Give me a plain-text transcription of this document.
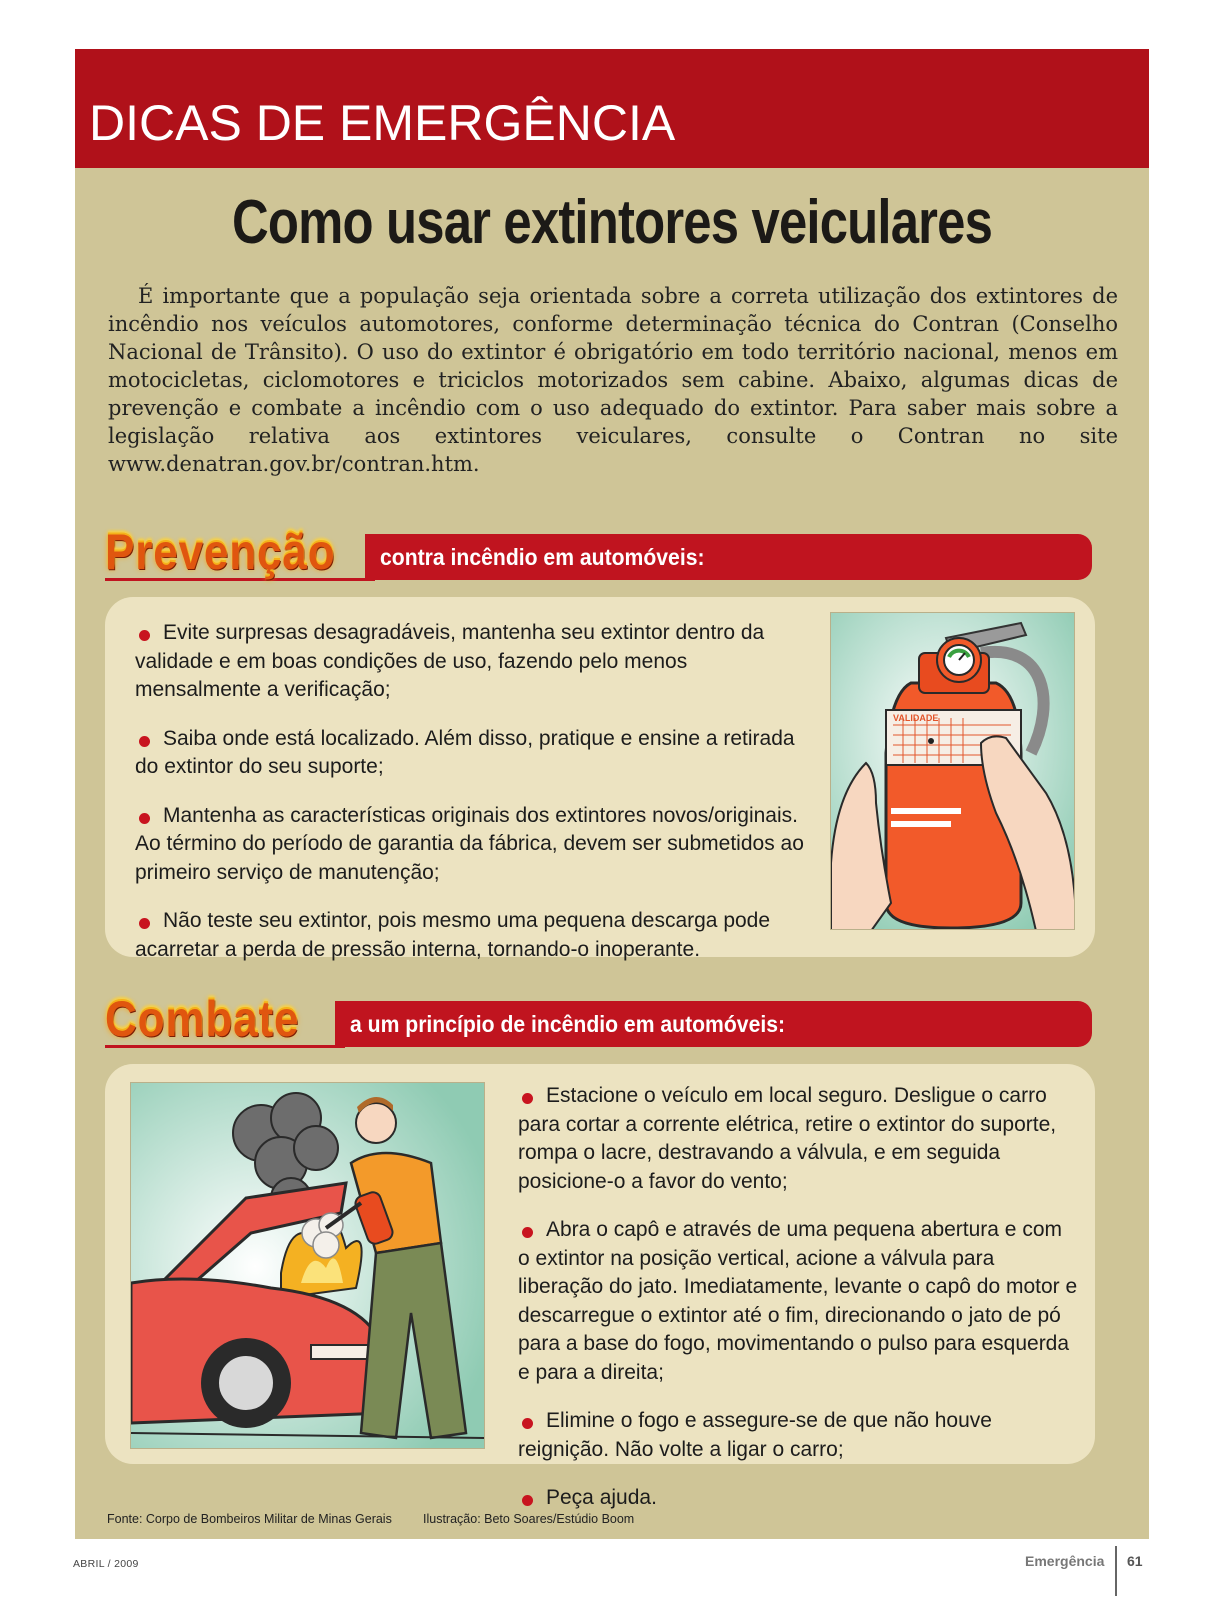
DICAS DE EMERGÊNCIA
Como usar extintores veiculares

É importante que a população seja orientada sobre a correta utilização dos extintores de incêndio nos veículos automotores, conforme determinação técnica do Contran (Conselho Nacional de Trânsito). O uso do extintor é obrigatório em todo território nacional, menos em motocicletas, ciclomotores e triciclos motorizados sem cabine. Abaixo, algumas dicas de prevenção e combate a incêndio com o uso adequado do extintor. Para saber mais sobre a legislação relativa aos extintores veiculares, consulte o Contran no site www.denatran.gov.br/contran.htm.

Prevenção contra incêndio em automóveis:
Evite surpresas desagradáveis, mantenha seu extintor dentro da validade e em boas condições de uso, fazendo pelo menos mensalmente a verificação;
Saiba onde está localizado. Além disso, pratique e ensine a retirada do extintor do seu suporte;
Mantenha as características originais dos extintores novos/originais. Ao término do período de garantia da fábrica, devem ser submetidos ao primeiro serviço de manutenção;
Não teste seu extintor, pois mesmo uma pequena descarga pode acarretar a perda de pressão interna, tornando-o inoperante.
VALIDADE
Combate a um princípio de incêndio em automóveis:
Estacione o veículo em local seguro. Desligue o carro para cortar a corrente elétrica, retire o extintor do suporte, rompa o lacre, destravando a válvula, e em seguida posicione-o a favor do vento;
Abra o capô e através de uma pequena abertura e com o extintor na posição vertical, acione a válvula para liberação do jato. Imediatamente, levante o capô do motor e descarregue o extintor até o fim, direcionando o jato de pó para a base do fogo, movimentando o pulso para esquerda e para a direita;
Elimine o fogo e assegure-se de que não houve reignição. Não volte a ligar o carro;
Peça ajuda.
Fonte: Corpo de Bombeiros Militar de Minas Gerais Ilustração: Beto Soares/Estúdio Boom
ABRIL / 2009	Emergência 61
